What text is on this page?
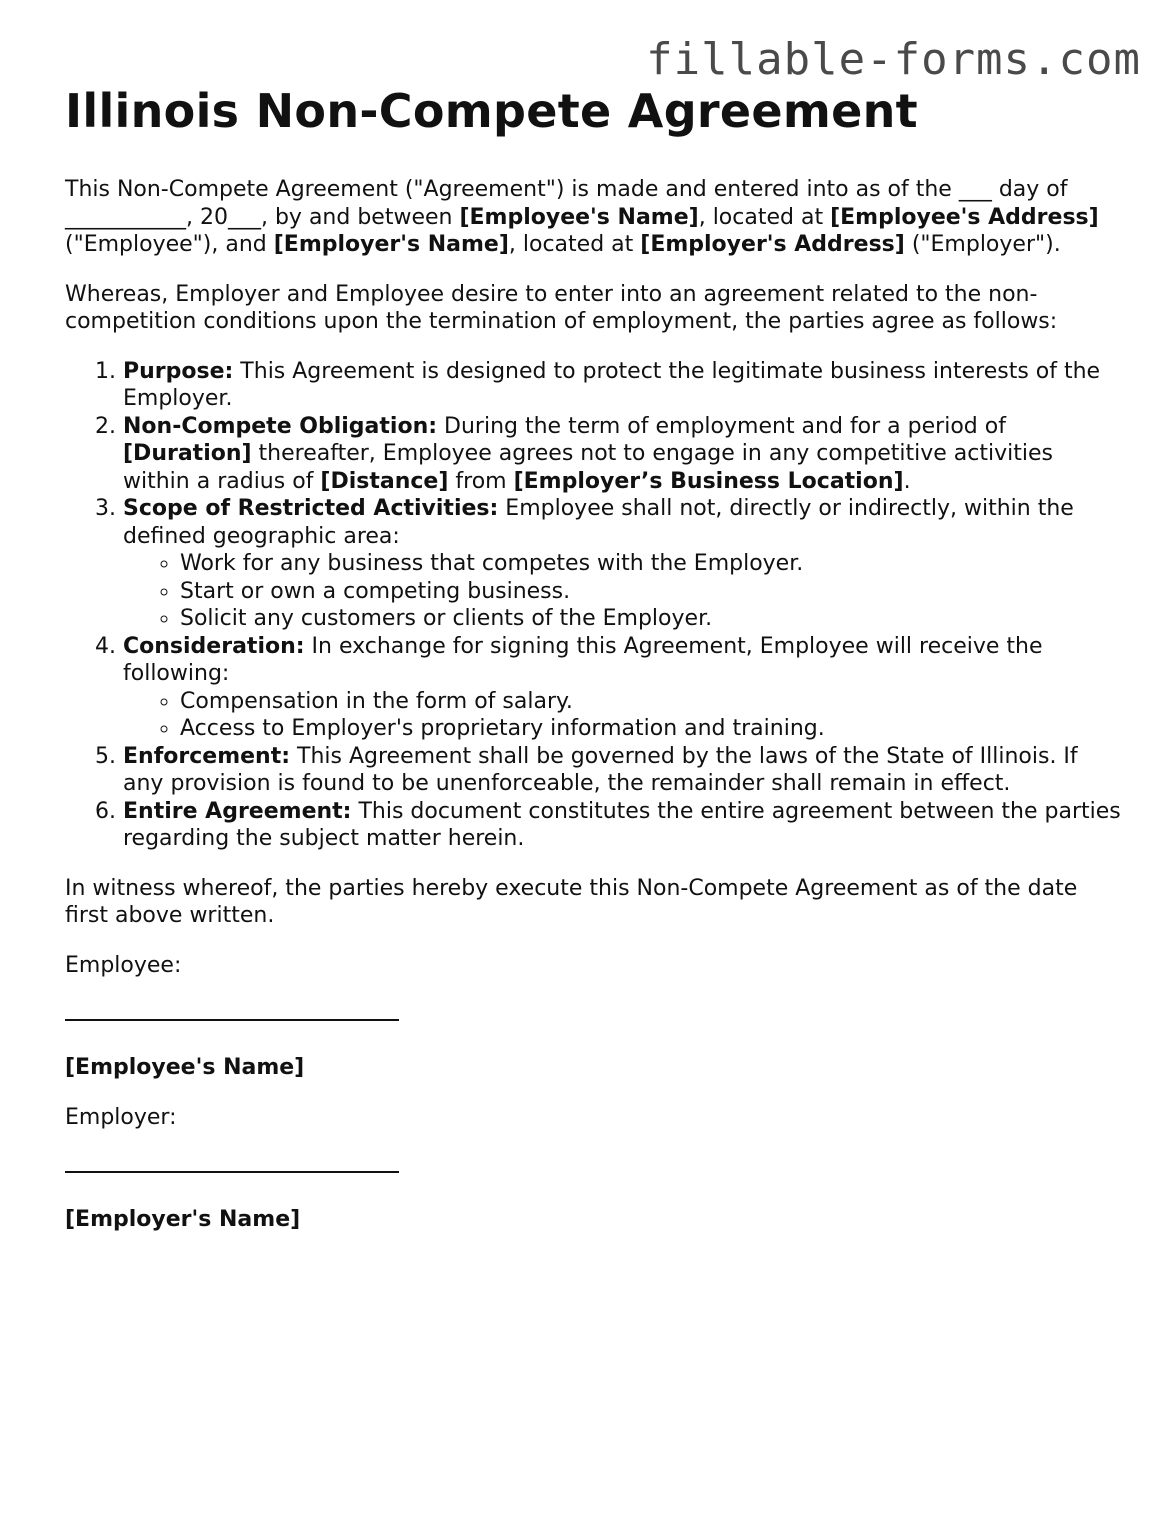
fillable-forms.com
Illinois Non-Compete Agreement

This Non-Compete Agreement ("Agreement") is made and entered into as of the ___ day of ___________, 20___, by and between [Employee's Name], located at [Employee's Address] ("Employee"), and [Employer's Name], located at [Employer's Address] ("Employer").

Whereas, Employer and Employee desire to enter into an agreement related to the non-competition conditions upon the termination of employment, the parties agree as follows:

1. Purpose: This Agreement is designed to protect the legitimate business interests of the Employer.
2. Non-Compete Obligation: During the term of employment and for a period of [Duration] thereafter, Employee agrees not to engage in any competitive activities within a radius of [Distance] from [Employer’s Business Location].
3. Scope of Restricted Activities: Employee shall not, directly or indirectly, within the defined geographic area:
◦ Work for any business that competes with the Employer.
◦ Start or own a competing business.
◦ Solicit any customers or clients of the Employer.
4. Consideration: In exchange for signing this Agreement, Employee will receive the following:
◦ Compensation in the form of salary.
◦ Access to Employer's proprietary information and training.
5. Enforcement: This Agreement shall be governed by the laws of the State of Illinois. If any provision is found to be unenforceable, the remainder shall remain in effect.
6. Entire Agreement: This document constitutes the entire agreement between the parties regarding the subject matter herein.

In witness whereof, the parties hereby execute this Non-Compete Agreement as of the date first above written.

Employee:

[Employee's Name]

Employer:

[Employer's Name]
